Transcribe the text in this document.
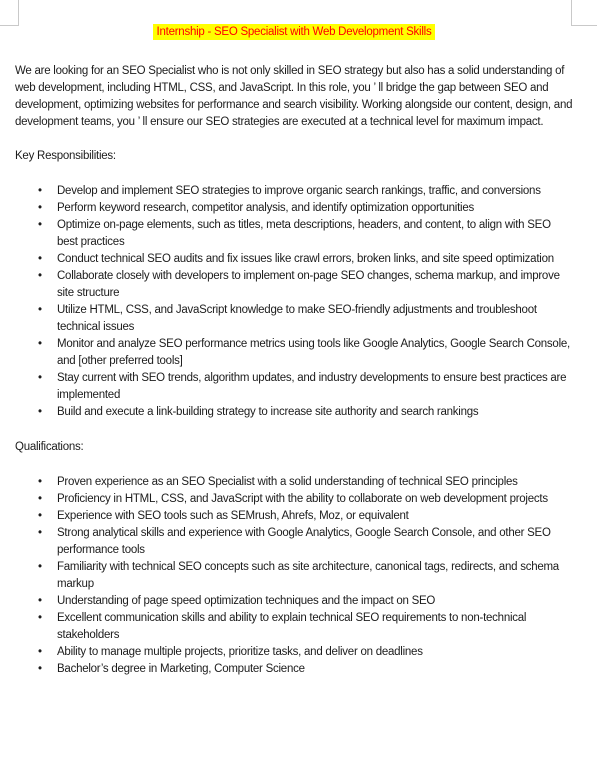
Internship - SEO Specialist with Web Development Skills

We are looking for an SEO Specialist who is not only skilled in SEO strategy but also has a solid understanding of web development, including HTML, CSS, and JavaScript. In this role, you ’ ll bridge the gap between SEO and development, optimizing websites for performance and search visibility. Working alongside our content, design, and development teams, you ’ ll ensure our SEO strategies are executed at a technical level for maximum impact.

Key Responsibilities:

• Develop and implement SEO strategies to improve organic search rankings, traffic, and conversions
• Perform keyword research, competitor analysis, and identify optimization opportunities
• Optimize on-page elements, such as titles, meta descriptions, headers, and content, to align with SEO best practices
• Conduct technical SEO audits and fix issues like crawl errors, broken links, and site speed optimization
• Collaborate closely with developers to implement on-page SEO changes, schema markup, and improve site structure
• Utilize HTML, CSS, and JavaScript knowledge to make SEO-friendly adjustments and troubleshoot technical issues
• Monitor and analyze SEO performance metrics using tools like Google Analytics, Google Search Console, and [other preferred tools]
• Stay current with SEO trends, algorithm updates, and industry developments to ensure best practices are implemented
• Build and execute a link-building strategy to increase site authority and search rankings

Qualifications:

• Proven experience as an SEO Specialist with a solid understanding of technical SEO principles
• Proficiency in HTML, CSS, and JavaScript with the ability to collaborate on web development projects
• Experience with SEO tools such as SEMrush, Ahrefs, Moz, or equivalent
• Strong analytical skills and experience with Google Analytics, Google Search Console, and other SEO performance tools
• Familiarity with technical SEO concepts such as site architecture, canonical tags, redirects, and schema markup
• Understanding of page speed optimization techniques and the impact on SEO
• Excellent communication skills and ability to explain technical SEO requirements to non-technical stakeholders
• Ability to manage multiple projects, prioritize tasks, and deliver on deadlines
• Bachelor’s degree in Marketing, Computer Science
